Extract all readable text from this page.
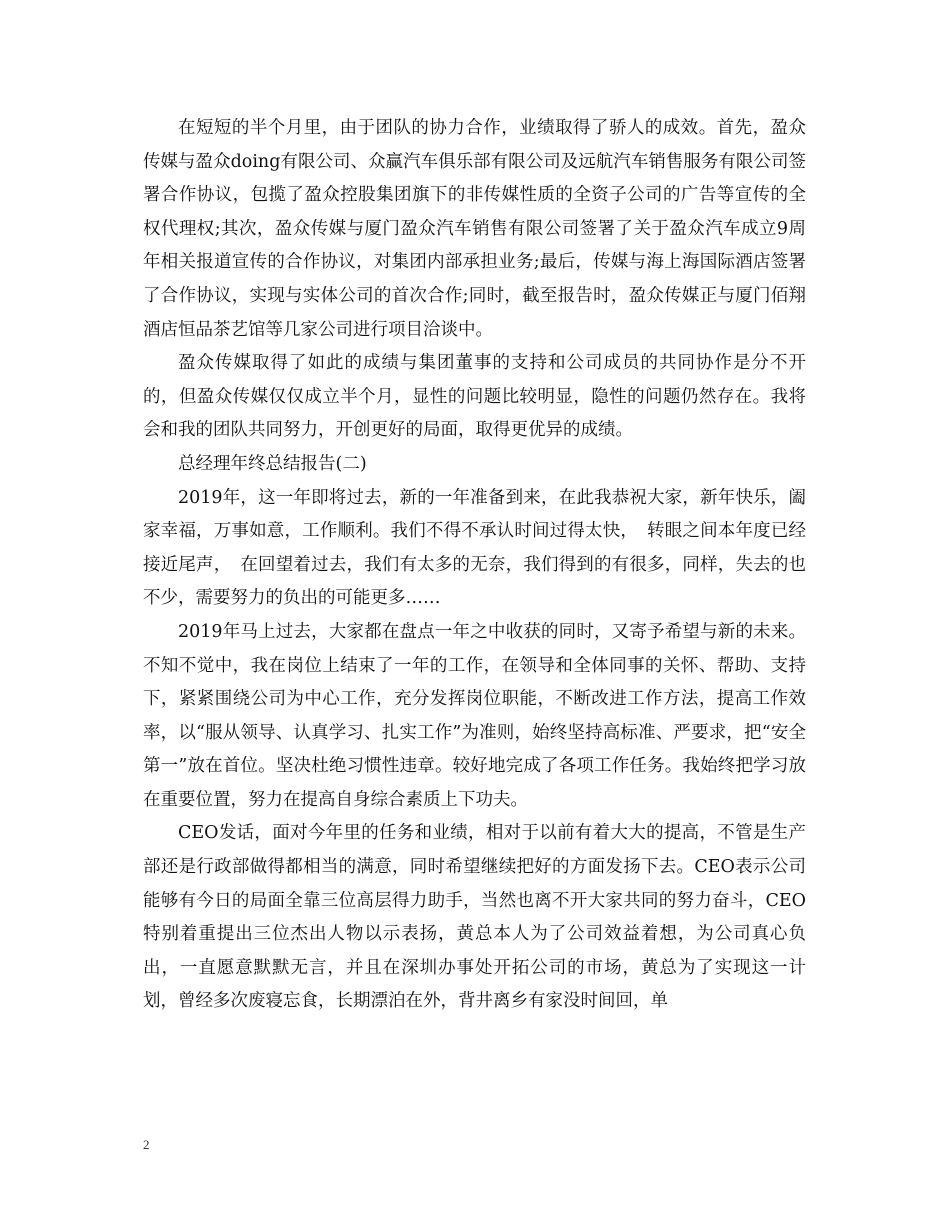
在短短的半个月里，由于团队的协力合作，业绩取得了骄人的成效。首先，盈众传媒与盈众doing有限公司、众赢汽车俱乐部有限公司及远航汽车销售服务有限公司签署合作协议，包揽了盈众控股集团旗下的非传媒性质的全资子公司的广告等宣传的全权代理权;其次，盈众传媒与厦门盈众汽车销售有限公司签署了关于盈众汽车成立9周年相关报道宣传的合作协议，对集团内部承担业务;最后，传媒与海上海国际酒店签署了合作协议，实现与实体公司的首次合作;同时，截至报告时，盈众传媒正与厦门佰翔酒店恒品茶艺馆等几家公司进行项目洽谈中。

盈众传媒取得了如此的成绩与集团董事的支持和公司成员的共同协作是分不开的，但盈众传媒仅仅成立半个月，显性的问题比较明显，隐性的问题仍然存在。我将会和我的团队共同努力，开创更好的局面，取得更优异的成绩。

总经理年终总结报告(二)

2019年，这一年即将过去，新的一年准备到来，在此我恭祝大家，新年快乐，阖家幸福，万事如意，工作顺利。我们不得不承认时间过得太快，　转眼之间本年度已经接近尾声，　在回望着过去，我们有太多的无奈，我们得到的有很多，同样，失去的也不少，需要努力的负出的可能更多……

2019年马上过去，大家都在盘点一年之中收获的同时，又寄予希望与新的未来。不知不觉中，我在岗位上结束了一年的工作，在领导和全体同事的关怀、帮助、支持下，紧紧围绕公司为中心工作，充分发挥岗位职能，不断改进工作方法，提高工作效率，以“服从领导、认真学习、扎实工作”为准则，始终坚持高标准、严要求，把“安全第一”放在首位。坚决杜绝习惯性违章。较好地完成了各项工作任务。我始终把学习放在重要位置，努力在提高自身综合素质上下功夫。

CEO发话，面对今年里的任务和业绩，相对于以前有着大大的提高，不管是生产部还是行政部做得都相当的满意，同时希望继续把好的方面发扬下去。CEO表示公司能够有今日的局面全靠三位高层得力助手，当然也离不开大家共同的努力奋斗，CEO特别着重提出三位杰出人物以示表扬，黄总本人为了公司效益着想，为公司真心负出，一直愿意默默无言，并且在深圳办事处开拓公司的市场，黄总为了实现这一计划，曾经多次废寝忘食，长期漂泊在外，背井离乡有家没时间回，单

2
